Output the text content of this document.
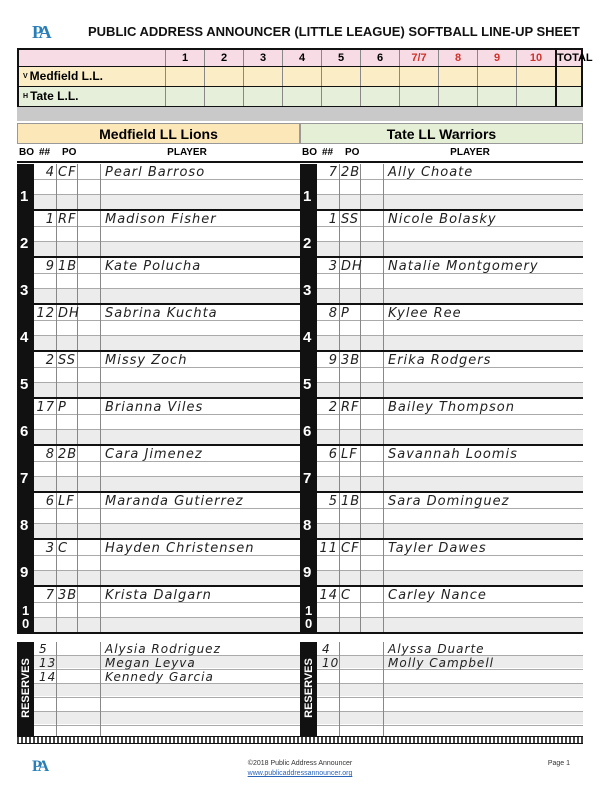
PA	PUBLIC ADDRESS ANNOUNCER (LITTLE LEAGUE) SOFTBALL LINE-UP SHEET
$^V$ Medfield L.L.
$^H$ Tate L.L.
1	2	3	4	5	6	7/7	8	9	10	TOTAL
Medfield LL Lions
BO ## PO	PLAYER
1
4 CF Pearl Barroso
2
1 RF Madison Fisher
3
9 1B Kate Polucha
4
12 DH Sabrina Kuchta
5
2 SS Missy Zoch
6
17 P	Brianna Viles
7
8 2B Cara Jimenez
8
6 LF Maranda Gutierrez
9
3 C	Hayden Christensen
10
7 3B Krista Dalgarn
RESERVES
5	Alysia Rodriguez
13	Megan Leyva
14	Kennedy Garcia
Tate LL Warriors
BO ## PO	PLAYER
1
7 2B Ally Choate
2
1 SS Nicole Bolasky
3
3 DH Natalie Montgomery
4
8 P	Kylee Ree
5
9 3B Erika Rodgers
6
2 RF Bailey Thompson
7
6 LF Savannah Loomis
8
5 1B Sara Dominguez
9
11 CF Tayler Dawes
10
14 C	Carley Nance
RESERVES
4	Alyssa Duarte
10	Molly Campbell
PA	©2018 Public Address Announcer
www.publicaddressannouncer.org
Page 1
